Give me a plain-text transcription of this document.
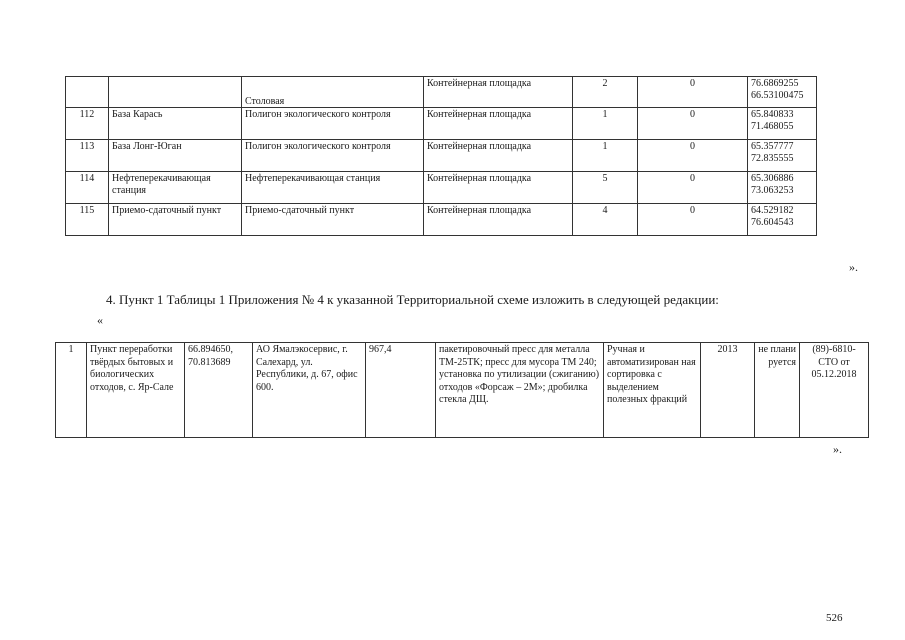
		Столовая	Контейнерная площадка	2	0	76.6869255 66.53100475
112	База Карась	Полигон экологического контроля	Контейнерная площадка	1	0	65.840833 71.468055
113	База Лонг-Юган	Полигон экологического контроля	Контейнерная площадка	1	0	65.357777 72.835555
114	Нефтеперекачивающая станция	Нефтеперекачивающая станция	Контейнерная площадка	5	0	65.306886 73.063253
115	Приемо-сдаточный пункт	Приемо-сдаточный пункт	Контейнерная площадка	4	0	64.529182 76.604543

».

4. Пункт 1 Таблицы 1 Приложения № 4 к указанной Территориальной схеме изложить в следующей редакции:

«

1	Пункт переработки твёрдых бытовых и биологических отходов, с. Яр-Сале	66.894650, 70.813689	АО Ямалэкосервис, г. Салехард, ул. Республики, д. 67, офис 600.	967,4	пакетировочный пресс для металла ТМ-25ТК; пресс для мусора ТМ 240; установка по утилизации (сжиганию) отходов «Форсаж – 2М»; дробилка стекла ДЩ.	Ручная и автоматизирован ная сортировка с выделением полезных фракций	2013	не плани руется	(89)-6810-СТО от 05.12.2018

».

526
